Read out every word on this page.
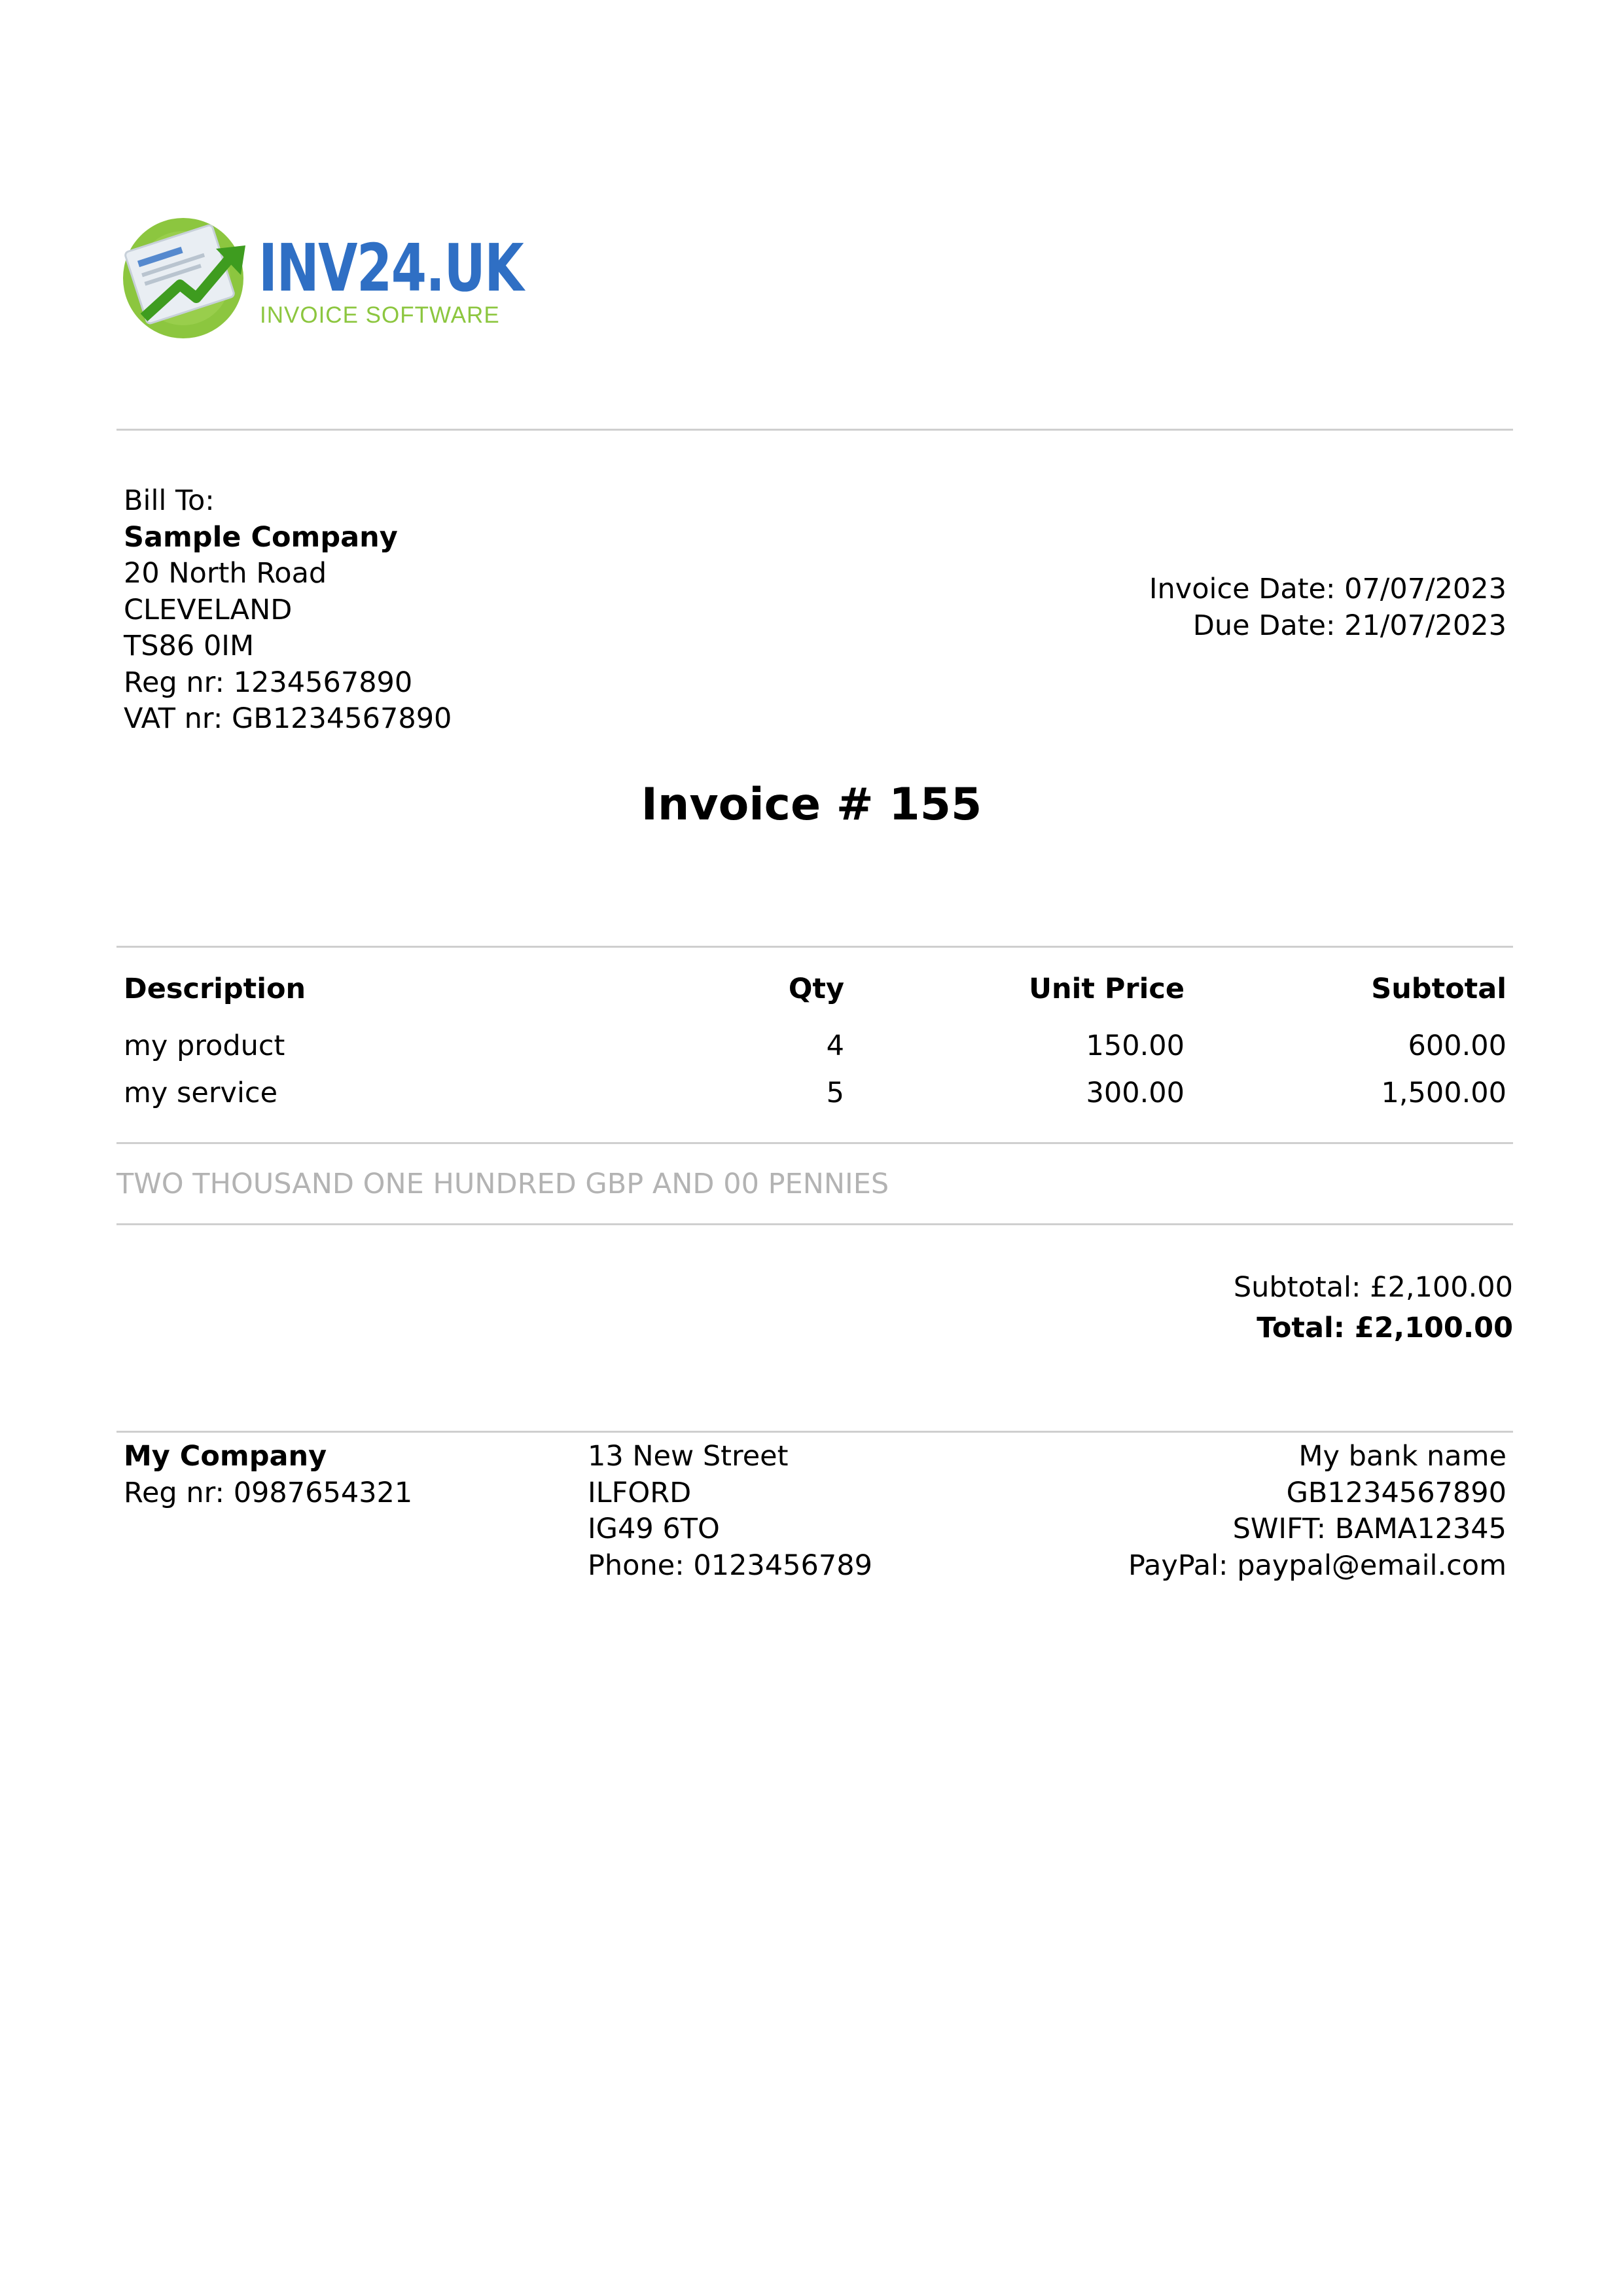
INV24.UK
INVOICE SOFTWARE
Bill To:
Sample Company
20 North Road
CLEVELAND
TS86 0IM
Reg nr: 1234567890
VAT nr: GB1234567890
Invoice Date: 07/07/2023
Due Date: 21/07/2023
Invoice # 155
Description	Qty	Unit Price	Subtotal
my product	4	150.00	600.00
my service	5	300.00	1,500.00
TWO THOUSAND ONE HUNDRED GBP AND 00 PENNIES
Subtotal: £2,100.00
Total: £2,100.00
My Company
Reg nr: 0987654321
13 New Street
ILFORD
IG49 6TO
Phone: 0123456789
My bank name
GB1234567890
SWIFT: BAMA12345
PayPal: paypal@email.com
